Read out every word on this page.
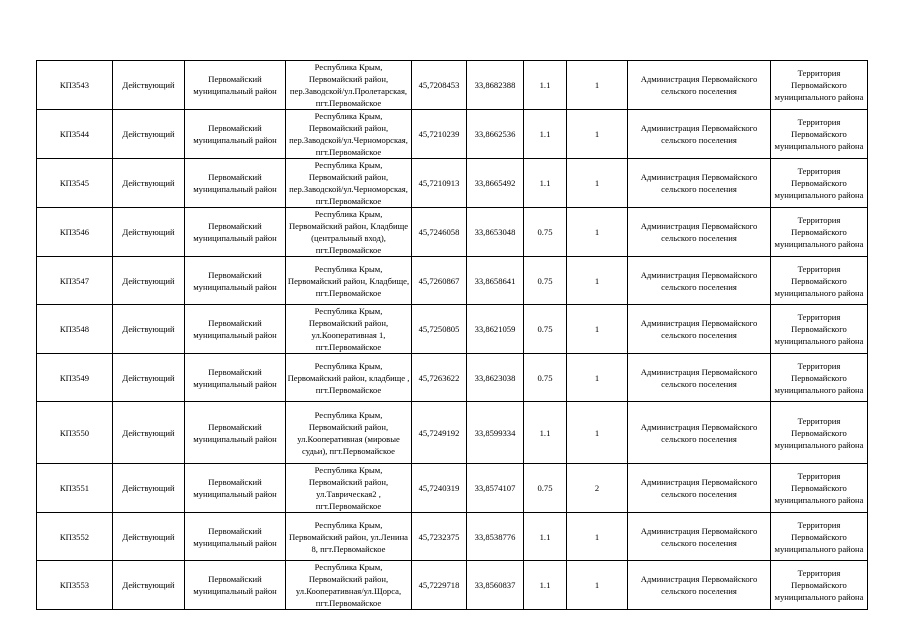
КП3543	Действующий	Первомайский муниципальный район	Республика Крым, Первомайский район, пер.Заводской/ул.Пролетарская, пгт.Первомайское	45,7208453	33,8682388	1.1	1	Администрация Первомайского сельского поселения	Территория Первомайского муниципального района
КП3544	Действующий	Первомайский муниципальный район	Республика Крым, Первомайский район, пер.Заводской/ул.Черноморская, пгт.Первомайское	45,7210239	33,8662536	1.1	1	Администрация Первомайского сельского поселения	Территория Первомайского муниципального района
КП3545	Действующий	Первомайский муниципальный район	Республика Крым, Первомайский район, пер.Заводской/ул.Черноморская, пгт.Первомайское	45,7210913	33,8665492	1.1	1	Администрация Первомайского сельского поселения	Территория Первомайского муниципального района
КП3546	Действующий	Первомайский муниципальный район	Республика Крым, Первомайский район, Кладбище (центральный вход), пгт.Первомайское	45,7246058	33,8653048	0.75	1	Администрация Первомайского сельского поселения	Территория Первомайского муниципального района
КП3547	Действующий	Первомайский муниципальный район	Республика Крым, Первомайский район, Кладбище, пгт.Первомайское	45,7260867	33,8658641	0.75	1	Администрация Первомайского сельского поселения	Территория Первомайского муниципального района
КП3548	Действующий	Первомайский муниципальный район	Республика Крым, Первомайский район, ул.Кооперативная 1, пгт.Первомайское	45,7250805	33,8621059	0.75	1	Администрация Первомайского сельского поселения	Территория Первомайского муниципального района
КП3549	Действующий	Первомайский муниципальный район	Республика Крым, Первомайский район, кладбище , пгт.Первомайское	45,7263622	33,8623038	0.75	1	Администрация Первомайского сельского поселения	Территория Первомайского муниципального района
КП3550	Действующий	Первомайский муниципальный район	Республика Крым, Первомайский район, ул.Кооперативная (мировые судьи), пгт.Первомайское	45,7249192	33,8599334	1.1	1	Администрация Первомайского сельского поселения	Территория Первомайского муниципального района
КП3551	Действующий	Первомайский муниципальный район	Республика Крым, Первомайский район, ул.Таврическая2 , пгт.Первомайское	45,7240319	33,8574107	0.75	2	Администрация Первомайского сельского поселения	Территория Первомайского муниципального района
КП3552	Действующий	Первомайский муниципальный район	Республика Крым, Первомайский район, ул.Ленина 8, пгт.Первомайское	45,7232375	33,8538776	1.1	1	Администрация Первомайского сельского поселения	Территория Первомайского муниципального района
КП3553	Действующий	Первомайский муниципальный район	Республика Крым, Первомайский район, ул.Кооперативная/ул.Щорса, пгт.Первомайское	45,7229718	33,8560837	1.1	1	Администрация Первомайского сельского поселения	Территория Первомайского муниципального района
